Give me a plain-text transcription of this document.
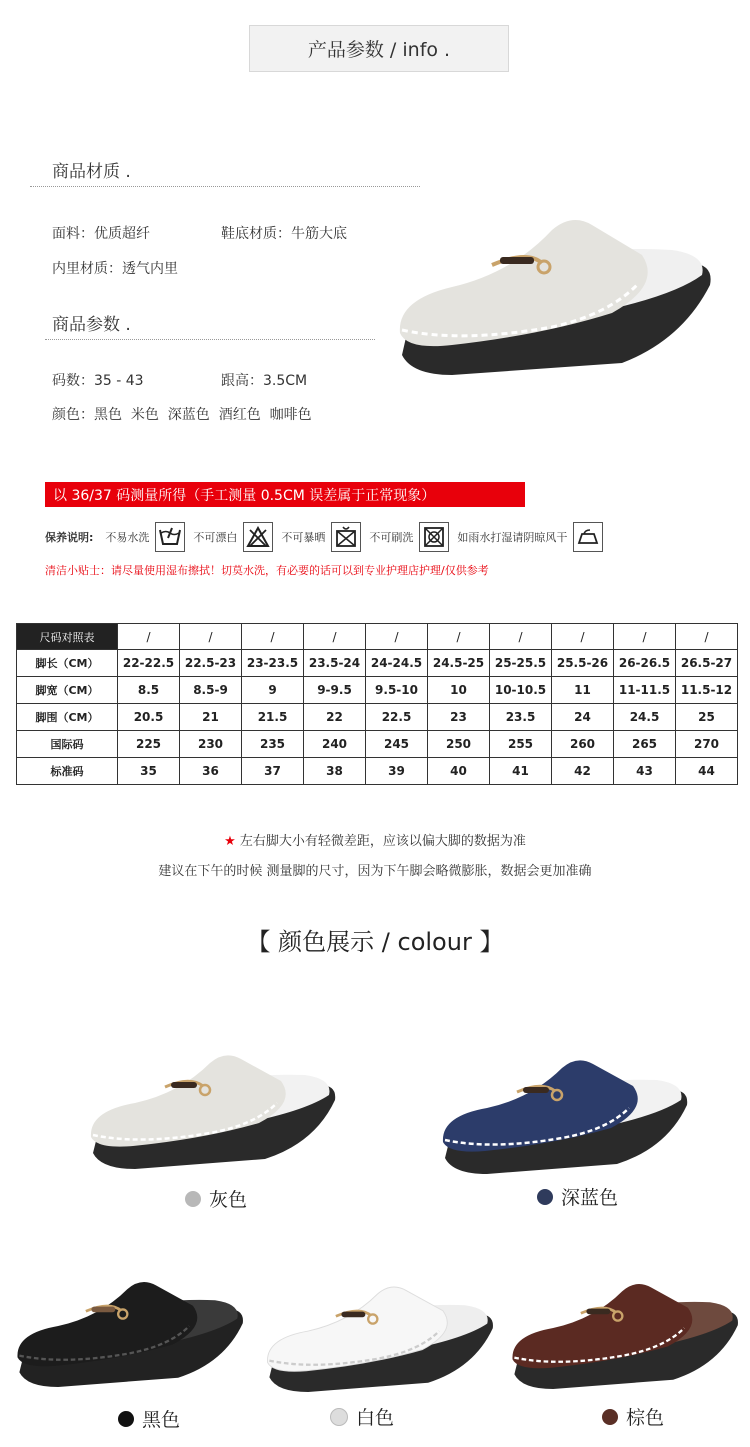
产品参数 / info .
商品材质 .
面料：优质超纤	鞋底材质：牛筋大底
内里材质：透气内里
商品参数 .
码数：35 - 43	跟高：3.5CM
颜色：黑色  米色  深蓝色  酒红色  咖啡色
以 36/37 码测量所得（手工测量 0.5CM 误差属于正常现象）
保养说明: 不易水洗	不可漂白	不可暴晒	不可刷洗	如雨水打湿请阴晾风干
清洁小贴士：请尽量使用湿布擦拭！切莫水洗，有必要的话可以到专业护理店护理/仅供参考
尺码对照表	/	/	/	/	/	/	/	/	/	/
脚长（CM）	22-22.5	22.5-23	23-23.5	23.5-24	24-24.5	24.5-25	25-25.5	25.5-26	26-26.5	26.5-27
脚宽（CM）	8.5	8.5-9	9	9-9.5	9.5-10	10	10-10.5	11	11-11.5	11.5-12
脚围（CM）	20.5	21	21.5	22	22.5	23	23.5	24	24.5	25
国际码	225	230	235	240	245	250	255	260	265	270
标准码	35	36	37	38	39	40	41	42	43	44
★ 左右脚大小有轻微差距，应该以偏大脚的数据为准
建议在下午的时候 测量脚的尺寸，因为下午脚会略微膨胀，数据会更加准确
【 颜色展示 / colour 】
灰色	深蓝色
黑色	白色	棕色
